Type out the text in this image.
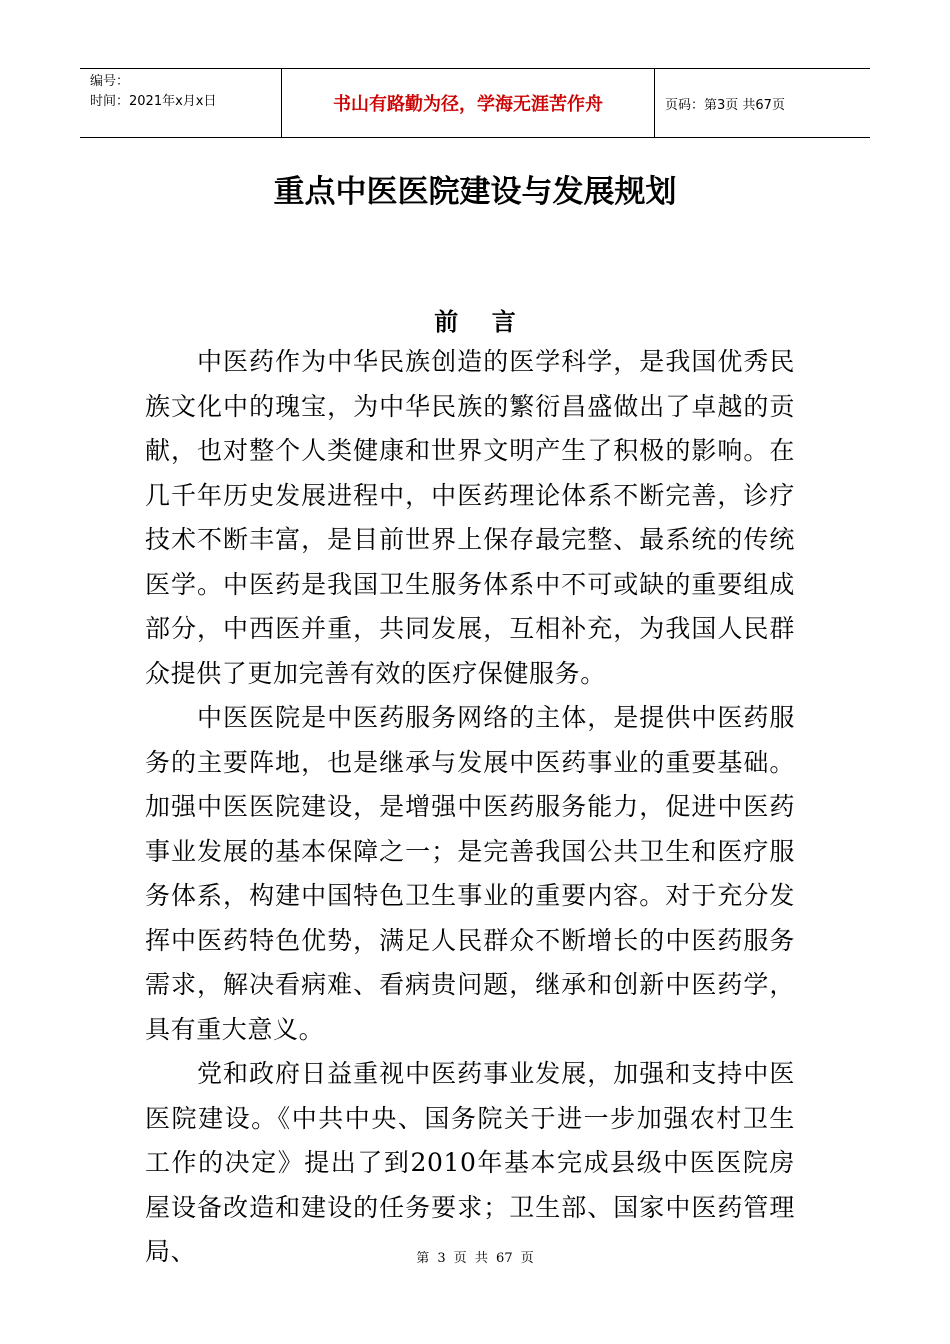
编号：
时间：2021年x月x日	书山有路勤为径，学海无涯苦作舟	页码：第3页 共67页
重点中医医院建设与发展规划
前    言

中医药作为中华民族创造的医学科学，是我国优秀民族文化中的瑰宝，为中华民族的繁衍昌盛做出了卓越的贡献，也对整个人类健康和世界文明产生了积极的影响。在几千年历史发展进程中，中医药理论体系不断完善，诊疗技术不断丰富，是目前世界上保存最完整、最系统的传统医学。中医药是我国卫生服务体系中不可或缺的重要组成部分，中西医并重，共同发展，互相补充，为我国人民群众提供了更加完善有效的医疗保健服务。

中医医院是中医药服务网络的主体，是提供中医药服务的主要阵地，也是继承与发展中医药事业的重要基础。加强中医医院建设，是增强中医药服务能力，促进中医药事业发展的基本保障之一；是完善我国公共卫生和医疗服务体系，构建中国特色卫生事业的重要内容。对于充分发挥中医药特色优势，满足人民群众不断增长的中医药服务需求，解决看病难、看病贵问题，继承和创新中医药学，具有重大意义。

党和政府日益重视中医药事业发展，加强和支持中医医院建设。《中共中央、国务院关于进一步加强农村卫生工作的决定》提出了到2010年基本完成县级中医医院房屋设备改造和建设的任务要求；卫生部、国家中医药管理局、	第 3 页 共 67 页
